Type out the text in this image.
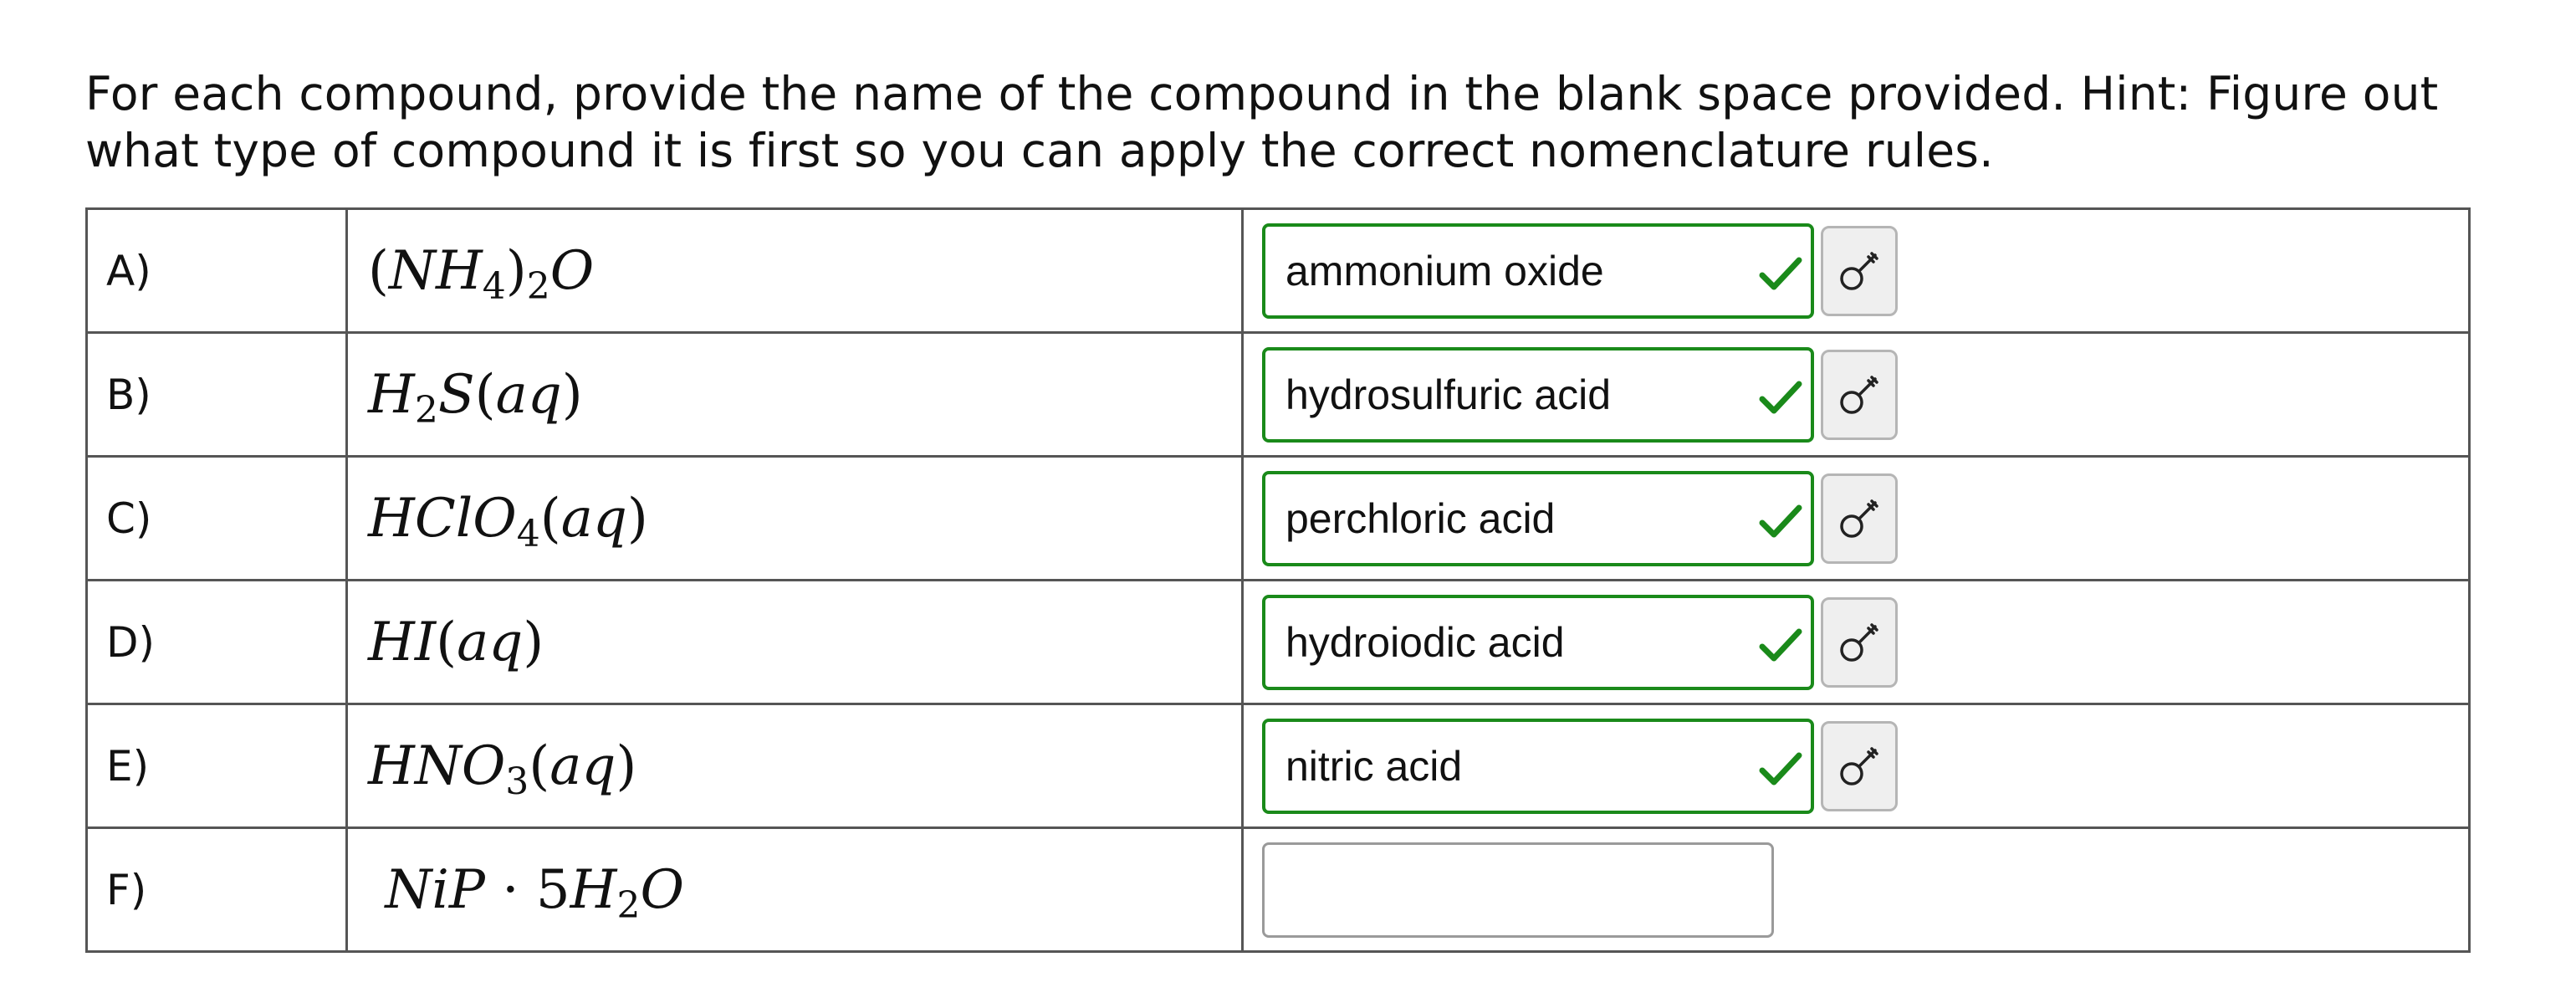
For each compound, provide the name of the compound in the blank space provided. Hint: Figure out what type of compound it is first so you can apply the correct nomenclature rules.
A)	$(NH_4)_2O$	ammonium oxide

B)	$H_2S(aq)$	hydrosulfuric acid

C)	HClO$_4$(aq)	perchloric acid

D)	HI(aq)	hydroiodic acid

E)	$HNO_3(aq)$	nitric acid

F)	NiP · $5H_2O$	
